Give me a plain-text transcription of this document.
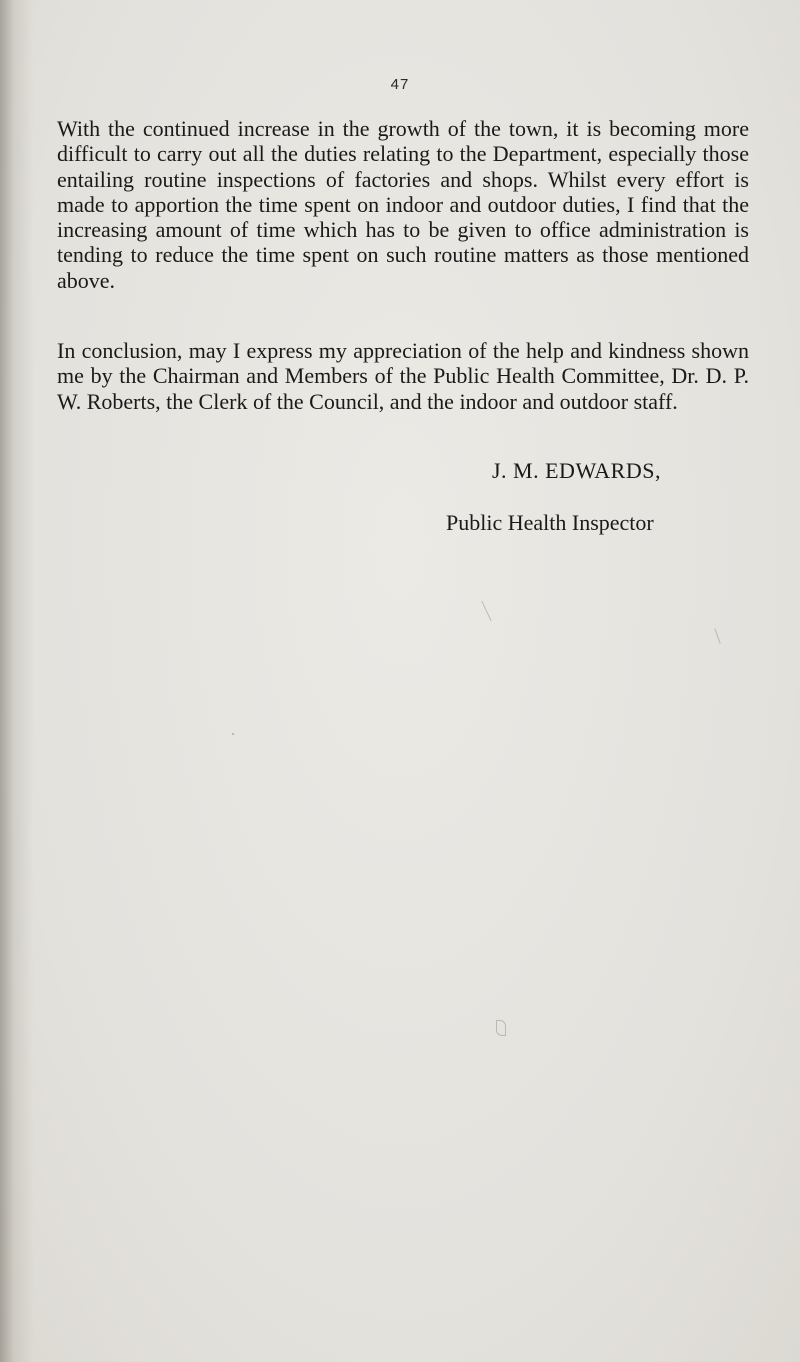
47

With the continued increase in the growth of the town, it is becoming more difficult to carry out all the duties relating to the Department, especially those entailing routine inspections of factories and shops. Whilst every effort is made to apportion the time spent on indoor and outdoor duties, I find that the increasing amount of time which has to be given to office administration is tending to reduce the time spent on such routine matters as those mentioned above.

In conclusion, may I express my appreciation of the help and kindness shown me by the Chairman and Members of the Public Health Committee, Dr. D. P. W. Roberts, the Clerk of the Council, and the indoor and outdoor staff.

J. M. EDWARDS,
Public Health Inspector
